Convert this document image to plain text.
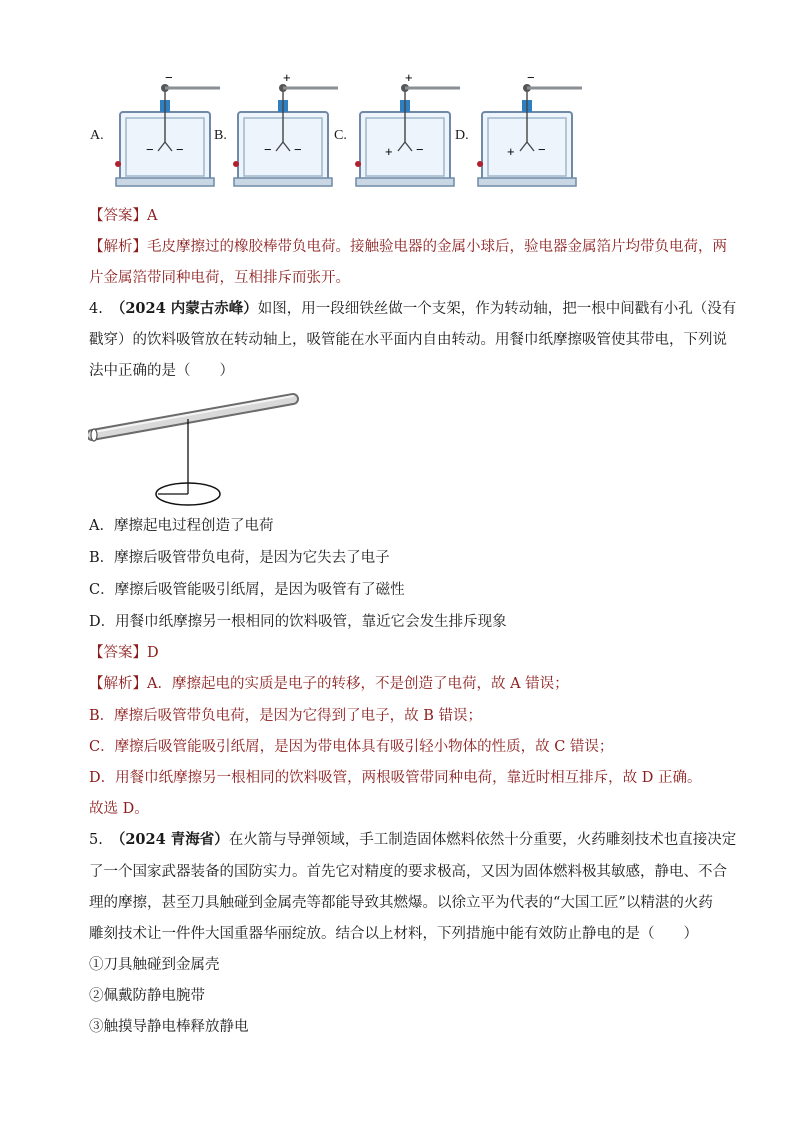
A.	B.	C.	D.
−
− −
+
− −
+
+ −
−
+ −
【答案】A
【解析】毛皮摩擦过的橡胶棒带负电荷。接触验电器的金属小球后，验电器金属箔片均带负电荷，两
片金属箔带同种电荷，互相排斥而张开。
4. （2024 内蒙古赤峰）如图，用一段细铁丝做一个支架，作为转动轴，把一根中间戳有小孔（没有
戳穿）的饮料吸管放在转动轴上，吸管能在水平面内自由转动。用餐巾纸摩擦吸管使其带电，下列说
法中正确的是（　　）
A．摩擦起电过程创造了电荷
B．摩擦后吸管带负电荷，是因为它失去了电子
C．摩擦后吸管能吸引纸屑，是因为吸管有了磁性
D．用餐巾纸摩擦另一根相同的饮料吸管，靠近它会发生排斥现象
【答案】D
【解析】A．摩擦起电的实质是电子的转移，不是创造了电荷，故 A 错误；
B．摩擦后吸管带负电荷，是因为它得到了电子，故 B 错误；
C．摩擦后吸管能吸引纸屑，是因为带电体具有吸引轻小物体的性质，故 C 错误；
D．用餐巾纸摩擦另一根相同的饮料吸管，两根吸管带同种电荷，靠近时相互排斥，故 D 正确。
故选 D。
5. （2024 青海省）在火箭与导弹领域，手工制造固体燃料依然十分重要，火药雕刻技术也直接决定
了一个国家武器装备的国防实力。首先它对精度的要求极高，又因为固体燃料极其敏感，静电、不合
理的摩擦，甚至刀具触碰到金属壳等都能导致其燃爆。以徐立平为代表的“大国工匠”以精湛的火药
雕刻技术让一件件大国重器华丽绽放。结合以上材料，下列措施中能有效防止静电的是（　　）
①刀具触碰到金属壳
②佩戴防静电腕带
③触摸导静电棒释放静电
